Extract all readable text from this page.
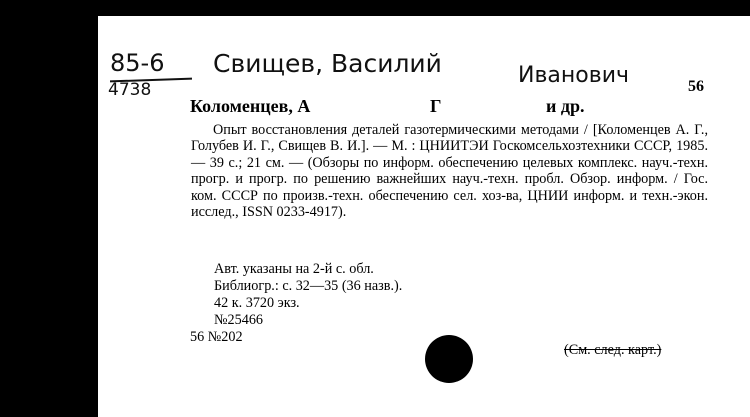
85-6
4738
Свищев, Василий	Иванович	56
Коломенцев, А	Г	и др.
Опыт восстановления деталей газотермическими методами / [Коломенцев А. Г., Голубев И. Г., Свищев В. И.]. — М. : ЦНИИТЭИ Госкомсельхозтехники СССР, 1985. — 39 с.; 21 см. — (Обзоры по информ. обеспечению целевых комплекс. науч.-техн. прогр. и прогр. по решению важнейших науч.-техн. пробл. Обзор. информ. / Гос. ком. СССР по произв.-техн. обеспечению сел. хоз-ва, ЦНИИ информ. и техн.-экон. исслед., ISSN 0233-4917).
Авт. указаны на 2-й с. обл.
Библиогр.: с. 32—35 (36 назв.).
42 к. 3720 экз.
№25466
56 №202
(См. след. карт.)
